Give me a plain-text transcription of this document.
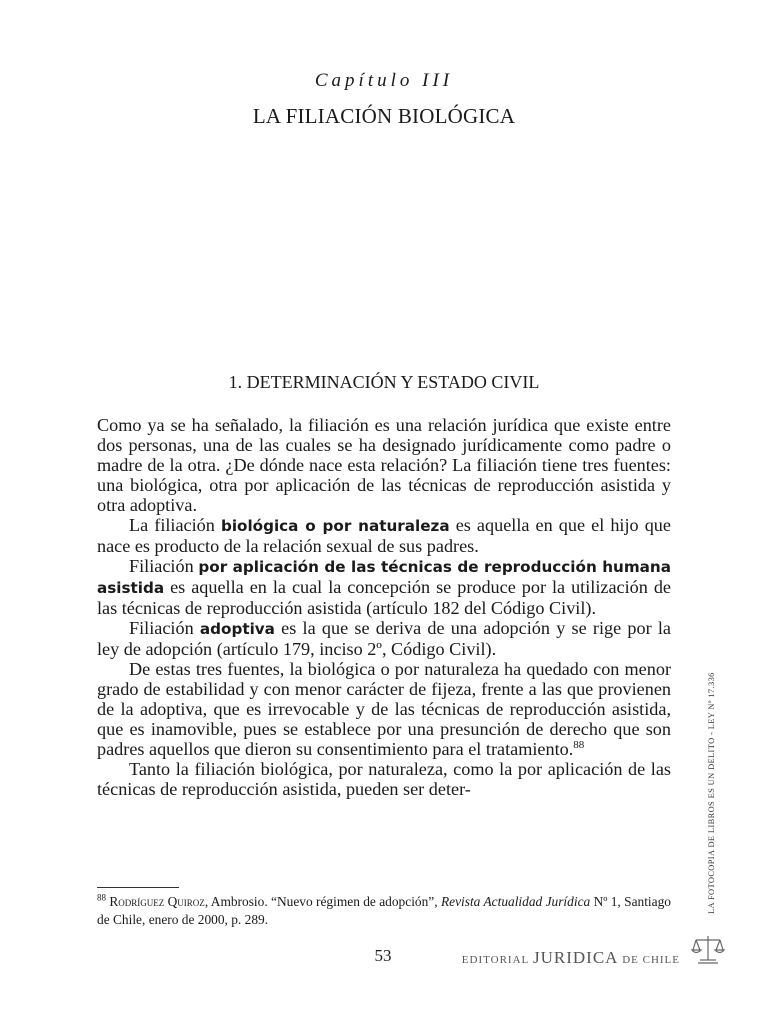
Capítulo III
LA FILIACIÓN BIOLÓGICA
1. DETERMINACIÓN Y ESTADO CIVIL

Como ya se ha señalado, la filiación es una relación jurídica que existe entre dos personas, una de las cuales se ha designado jurídicamente como padre o madre de la otra. ¿De dónde nace esta relación? La filiación tiene tres fuentes: una biológica, otra por aplicación de las técnicas de reproducción asistida y otra adoptiva.

La filiación biológica o por naturaleza es aquella en que el hijo que nace es producto de la relación sexual de sus padres.

Filiación por aplicación de las técnicas de reproducción humana asistida es aquella en la cual la concepción se produce por la utilización de las técnicas de reproducción asistida (artículo 182 del Código Civil).

Filiación adoptiva es la que se deriva de una adopción y se rige por la ley de adopción (artículo 179, inciso 2º, Código Civil).

De estas tres fuentes, la biológica o por naturaleza ha quedado con menor grado de estabilidad y con menor carácter de fijeza, frente a las que provienen de la adoptiva, que es irrevocable y de las técnicas de reproducción asistida, que es inamovible, pues se establece por una presunción de derecho que son padres aquellos que dieron su consentimiento para el tratamiento.$^{88}$

Tanto la filiación biológica, por naturaleza, como la por aplicación de las técnicas de reproducción asistida, pueden ser deter-

$^{88}$ Rodríguez Quiroz, Ambrosio. “Nuevo régimen de adopción”, Revista Actualidad Jurídica Nº 1, Santiago de Chile, enero de 2000, p. 289.
53	EDITORIAL JURIDICA DE CHILE
LA FOTOCOPIA DE LIBROS ES UN DELITO - LEY Nº 17.336
